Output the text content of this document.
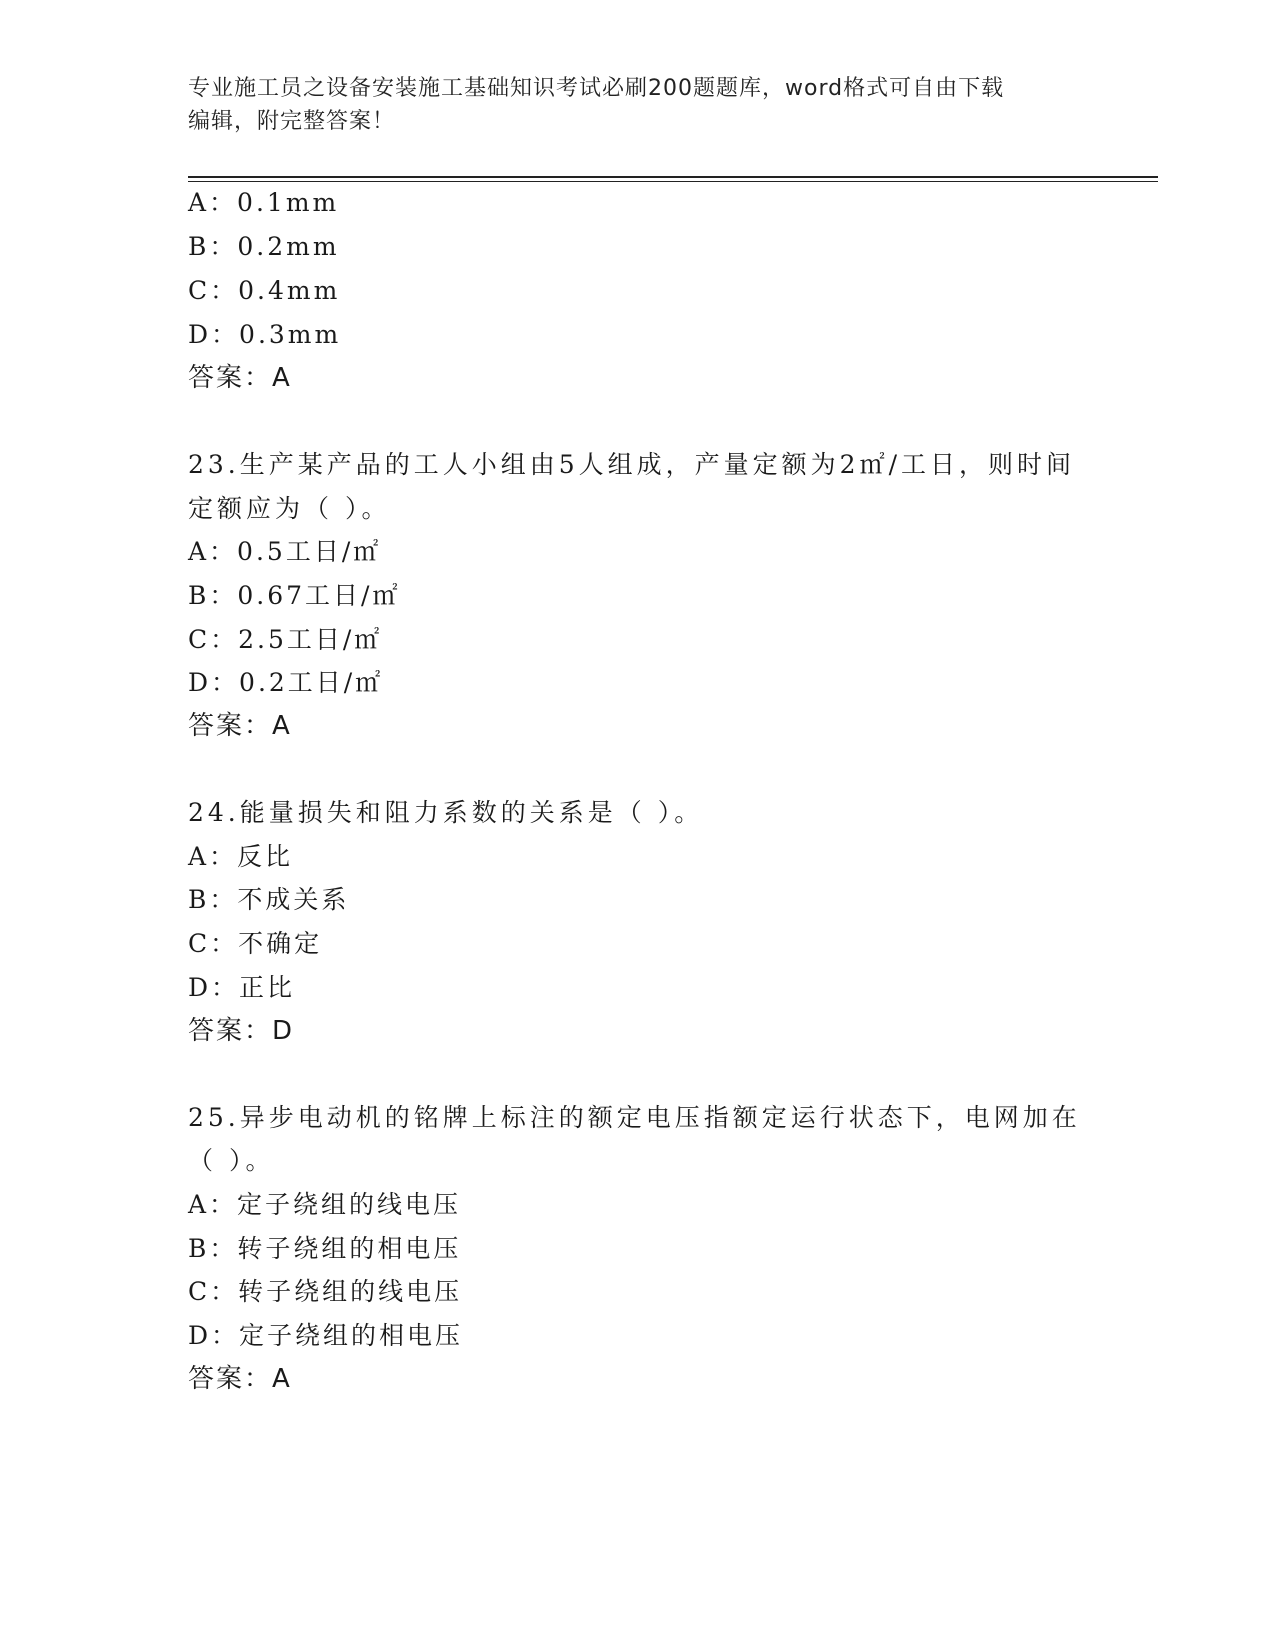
专业施工员之设备安装施工基础知识考试必刷200题题库，word格式可自由下载
编辑，附完整答案！
A：0.1mm
B：0.2mm
C：0.4mm
D：0.3mm
答案：A
23.生产某产品的工人小组由5人组成，产量定额为2㎡/工日，则时间
定额应为（ ）。
A：0.5工日/㎡
B：0.67工日/㎡
C：2.5工日/㎡
D：0.2工日/㎡
答案：A
24.能量损失和阻力系数的关系是（ ）。
A：反比
B：不成关系
C：不确定
D：正比
答案：D
25.异步电动机的铭牌上标注的额定电压指额定运行状态下，电网加在
（ ）。
A：定子绕组的线电压
B：转子绕组的相电压
C：转子绕组的线电压
D：定子绕组的相电压
答案：A
